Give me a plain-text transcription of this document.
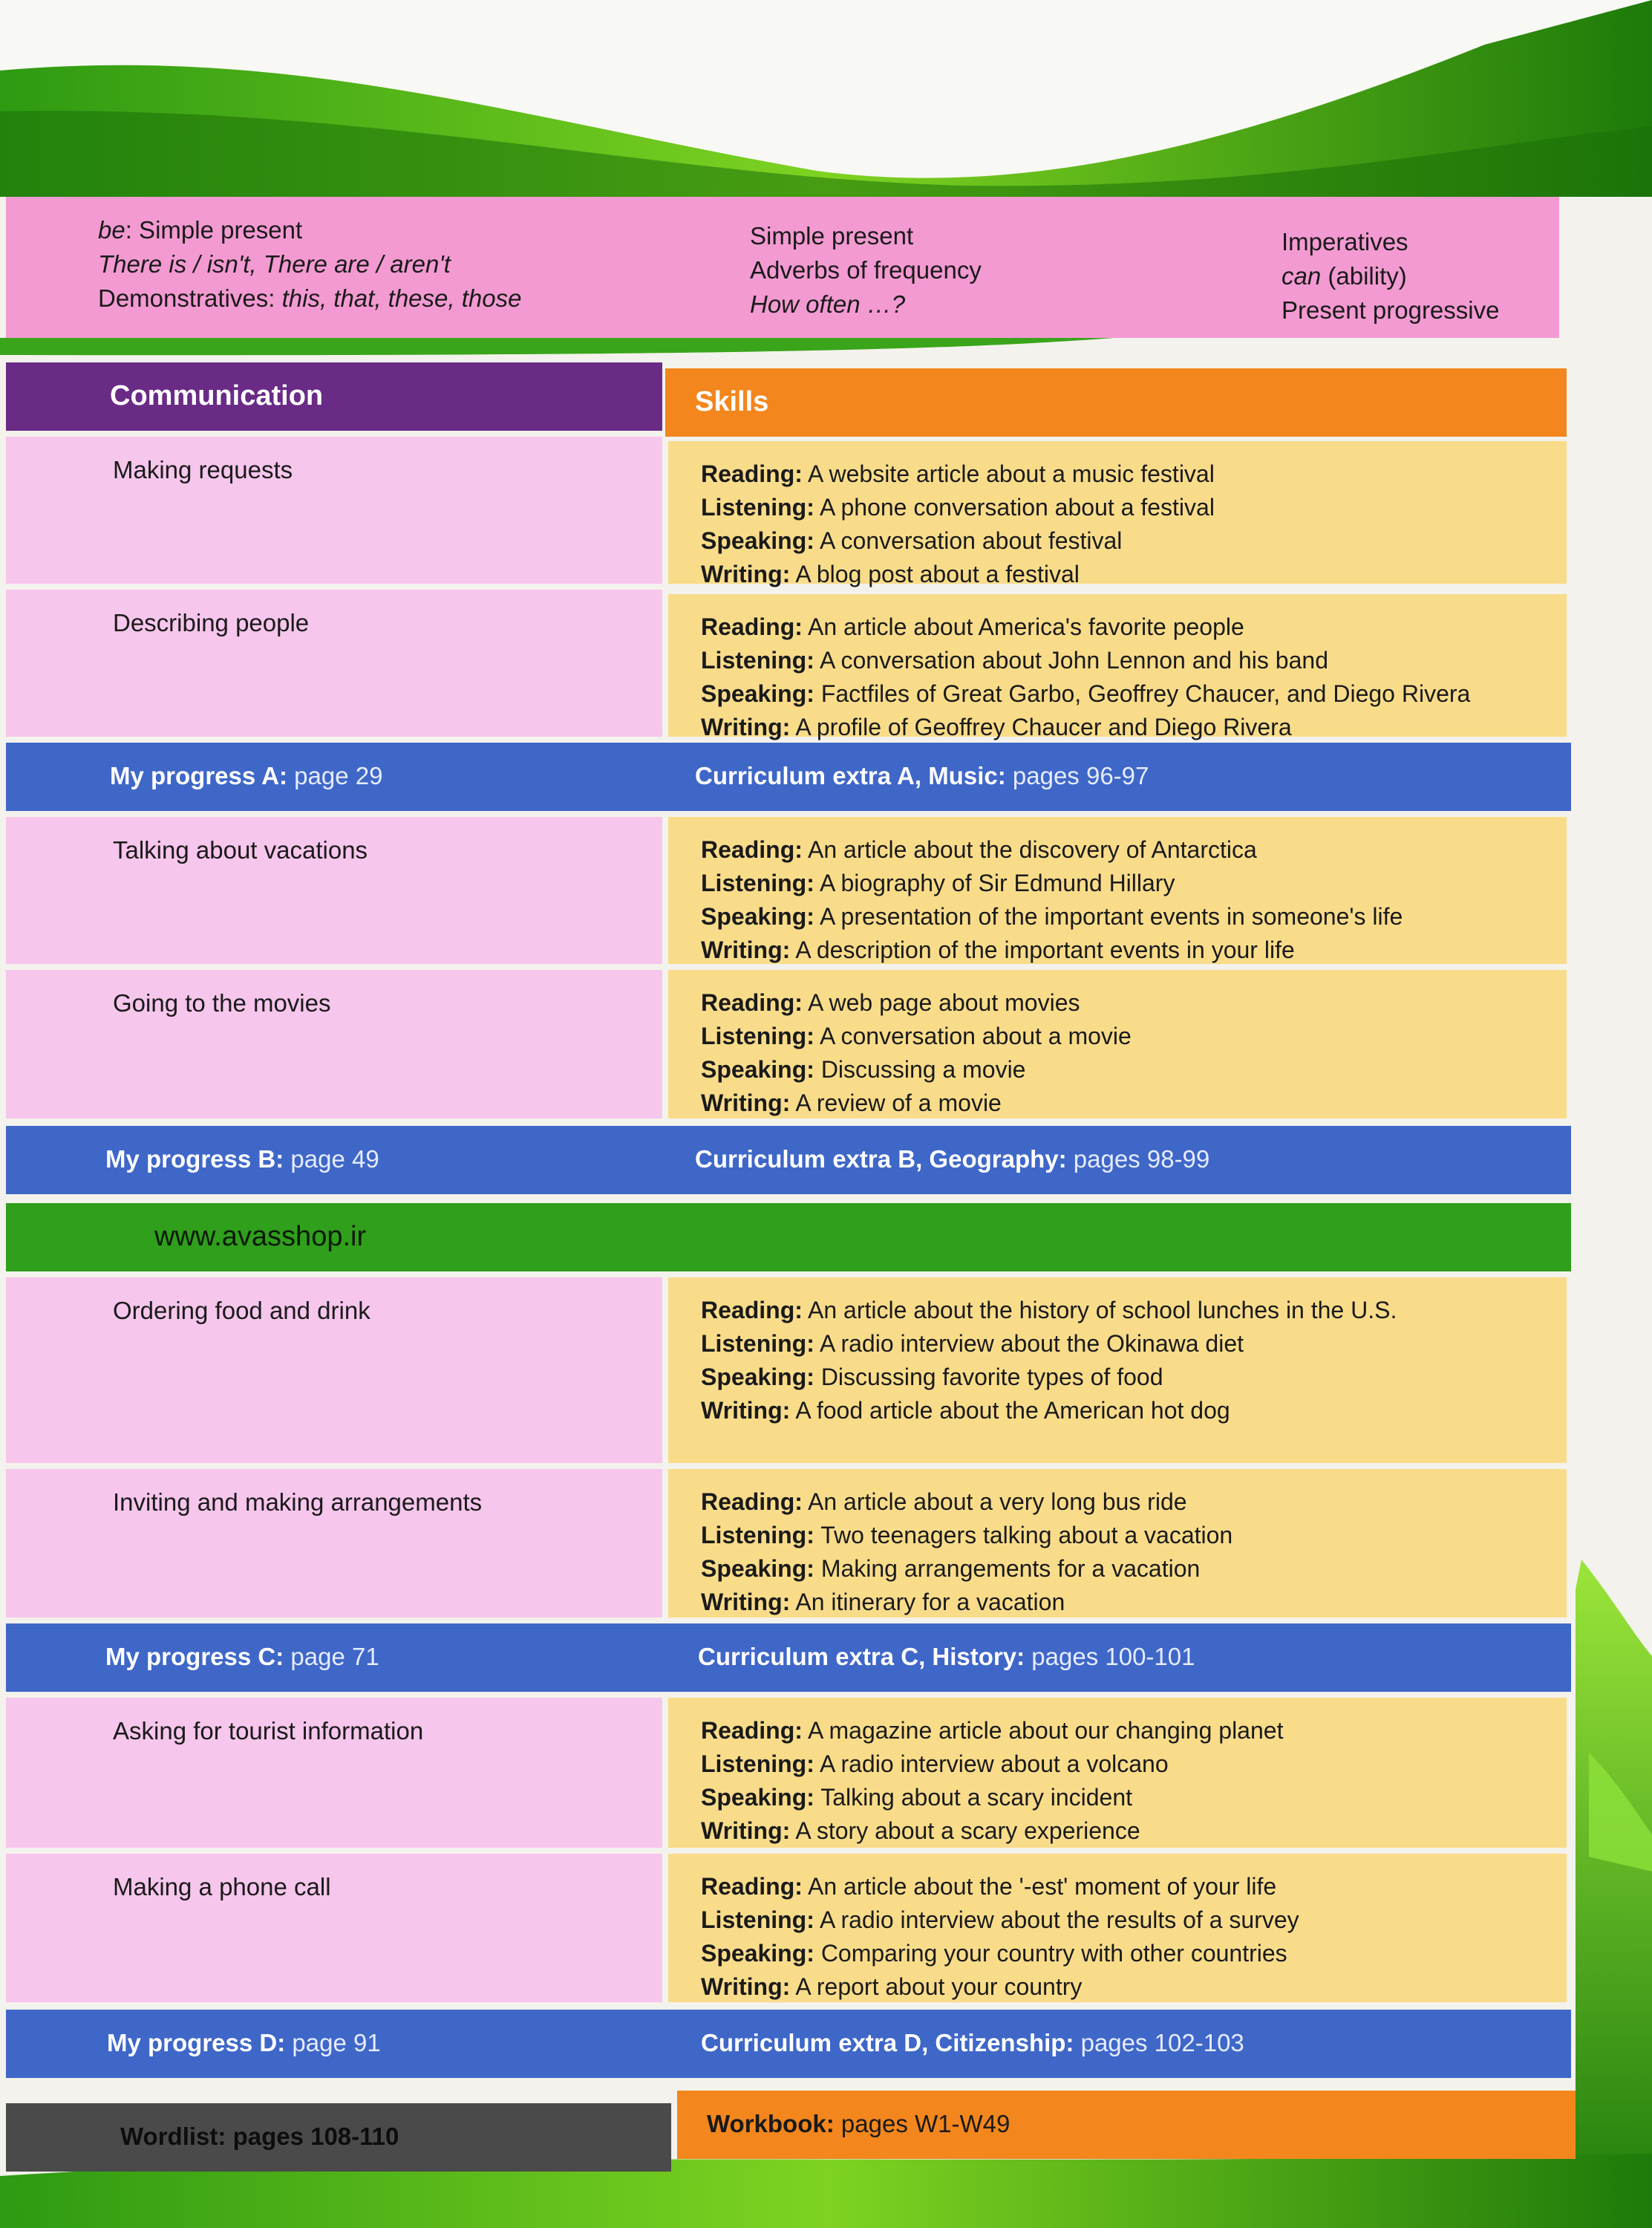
be: Simple present
There is / isn't, There are / aren't
Demonstratives: this, that, these, those
Simple present
Adverbs of frequency
How often …?
Imperatives
can (ability)
Present progressive
Communication	Skills
Making requests	Reading: A website article about a music festival
Listening: A phone conversation about a festival
Speaking: A conversation about festival
Writing: A blog post about a festival
Describing people	Reading: An article about America's favorite people
Listening: A conversation about John Lennon and his band
Speaking: Factfiles of Great Garbo, Geoffrey Chaucer, and Diego Rivera
Writing: A profile of Geoffrey Chaucer and Diego Rivera
My progress A: page 29	Curriculum extra A, Music: pages 96-97
Talking about vacations	Reading: An article about the discovery of Antarctica
Listening: A biography of Sir Edmund Hillary
Speaking: A presentation of the important events in someone's life
Writing: A description of the important events in your life
Going to the movies	Reading: A web page about movies
Listening: A conversation about a movie
Speaking: Discussing a movie
Writing: A review of a movie
My progress B: page 49	Curriculum extra B, Geography: pages 98-99
www.avasshop.ir
Ordering food and drink	Reading: An article about the history of school lunches in the U.S.
Listening: A radio interview about the Okinawa diet
Speaking: Discussing favorite types of food
Writing: A food article about the American hot dog
Inviting and making arrangements	Reading: An article about a very long bus ride
Listening: Two teenagers talking about a vacation
Speaking: Making arrangements for a vacation
Writing: An itinerary for a vacation
My progress C: page 71	Curriculum extra C, History: pages 100-101
Asking for tourist information	Reading: A magazine article about our changing planet
Listening: A radio interview about a volcano
Speaking: Talking about a scary incident
Writing: A story about a scary experience
Making a phone call	Reading: An article about the '-est' moment of your life
Listening: A radio interview about the results of a survey
Speaking: Comparing your country with other countries
Writing: A report about your country
My progress D: page 91	Curriculum extra D, Citizenship: pages 102-103
Wordlist: pages 108-110	Workbook: pages W1-W49
